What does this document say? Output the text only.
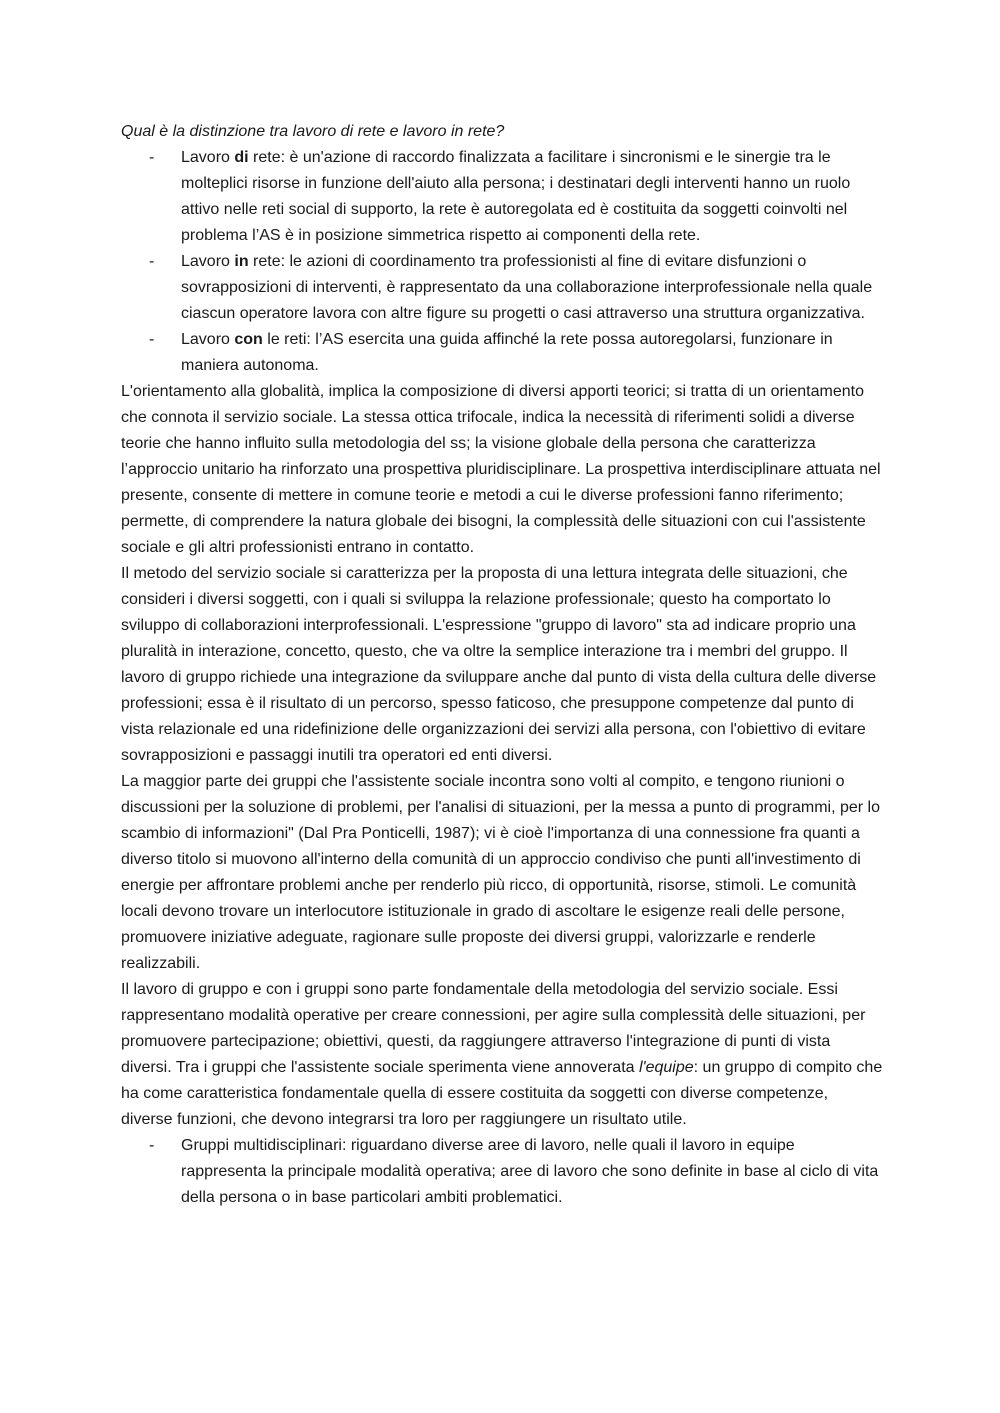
Qual è la distinzione tra lavoro di rete e lavoro in rete?

- Lavoro di rete: è un'azione di raccordo finalizzata a facilitare i sincronismi e le sinergie tra le molteplici risorse in funzione dell'aiuto alla persona; i destinatari degli interventi hanno un ruolo attivo nelle reti social di supporto, la rete è autoregolata ed è costituita da soggetti coinvolti nel problema l’AS è in posizione simmetrica rispetto ai componenti della rete.
- Lavoro in rete: le azioni di coordinamento tra professionisti al fine di evitare disfunzioni o sovrapposizioni di interventi, è rappresentato da una collaborazione interprofessionale nella quale ciascun operatore lavora con altre figure su progetti o casi attraverso una struttura organizzativa.
- Lavoro con le reti: l’AS esercita una guida affinché la rete possa autoregolarsi, funzionare in maniera autonoma.

L'orientamento alla globalità, implica la composizione di diversi apporti teorici; si tratta di un orientamento che connota il servizio sociale. La stessa ottica trifocale, indica la necessità di riferimenti solidi a diverse teorie che hanno influito sulla metodologia del ss; la visione globale della persona che caratterizza l’approccio unitario ha rinforzato una prospettiva pluridisciplinare. La prospettiva interdisciplinare attuata nel presente, consente di mettere in comune teorie e metodi a cui le diverse professioni fanno riferimento; permette, di comprendere la natura globale dei bisogni, la complessità delle situazioni con cui l'assistente sociale e gli altri professionisti entrano in contatto.

Il metodo del servizio sociale si caratterizza per la proposta di una lettura integrata delle situazioni, che consideri i diversi soggetti, con i quali si sviluppa la relazione professionale; questo ha comportato lo sviluppo di collaborazioni interprofessionali. L'espressione "gruppo di lavoro" sta ad indicare proprio una pluralità in interazione, concetto, questo, che va oltre la semplice interazione tra i membri del gruppo. Il lavoro di gruppo richiede una integrazione da sviluppare anche dal punto di vista della cultura delle diverse professioni; essa è il risultato di un percorso, spesso faticoso, che presuppone competenze dal punto di vista relazionale ed una ridefinizione delle organizzazioni dei servizi alla persona, con l'obiettivo di evitare sovrapposizioni e passaggi inutili tra operatori ed enti diversi.

La maggior parte dei gruppi che l'assistente sociale incontra sono volti al compito, e tengono riunioni o discussioni per la soluzione di problemi, per l'analisi di situazioni, per la messa a punto di programmi, per lo scambio di informazioni" (Dal Pra Ponticelli, 1987); vi è cioè l'importanza di una connessione fra quanti a diverso titolo si muovono all'interno della comunità di un approccio condiviso che punti all'investimento di energie per affrontare problemi anche per renderlo più ricco, di opportunità, risorse, stimoli. Le comunità locali devono trovare un interlocutore istituzionale in grado di ascoltare le esigenze reali delle persone, promuovere iniziative adeguate, ragionare sulle proposte dei diversi gruppi, valorizzarle e renderle realizzabili.

Il lavoro di gruppo e con i gruppi sono parte fondamentale della metodologia del servizio sociale. Essi rappresentano modalità operative per creare connessioni, per agire sulla complessità delle situazioni, per promuovere partecipazione; obiettivi, questi, da raggiungere attraverso l'integrazione di punti di vista diversi. Tra i gruppi che l'assistente sociale sperimenta viene annoverata l'equipe: un gruppo di compito che ha come caratteristica fondamentale quella di essere costituita da soggetti con diverse competenze, diverse funzioni, che devono integrarsi tra loro per raggiungere un risultato utile.

- Gruppi multidisciplinari: riguardano diverse aree di lavoro, nelle quali il lavoro in equipe rappresenta la principale modalità operativa; aree di lavoro che sono definite in base al ciclo di vita della persona o in base particolari ambiti problematici.
